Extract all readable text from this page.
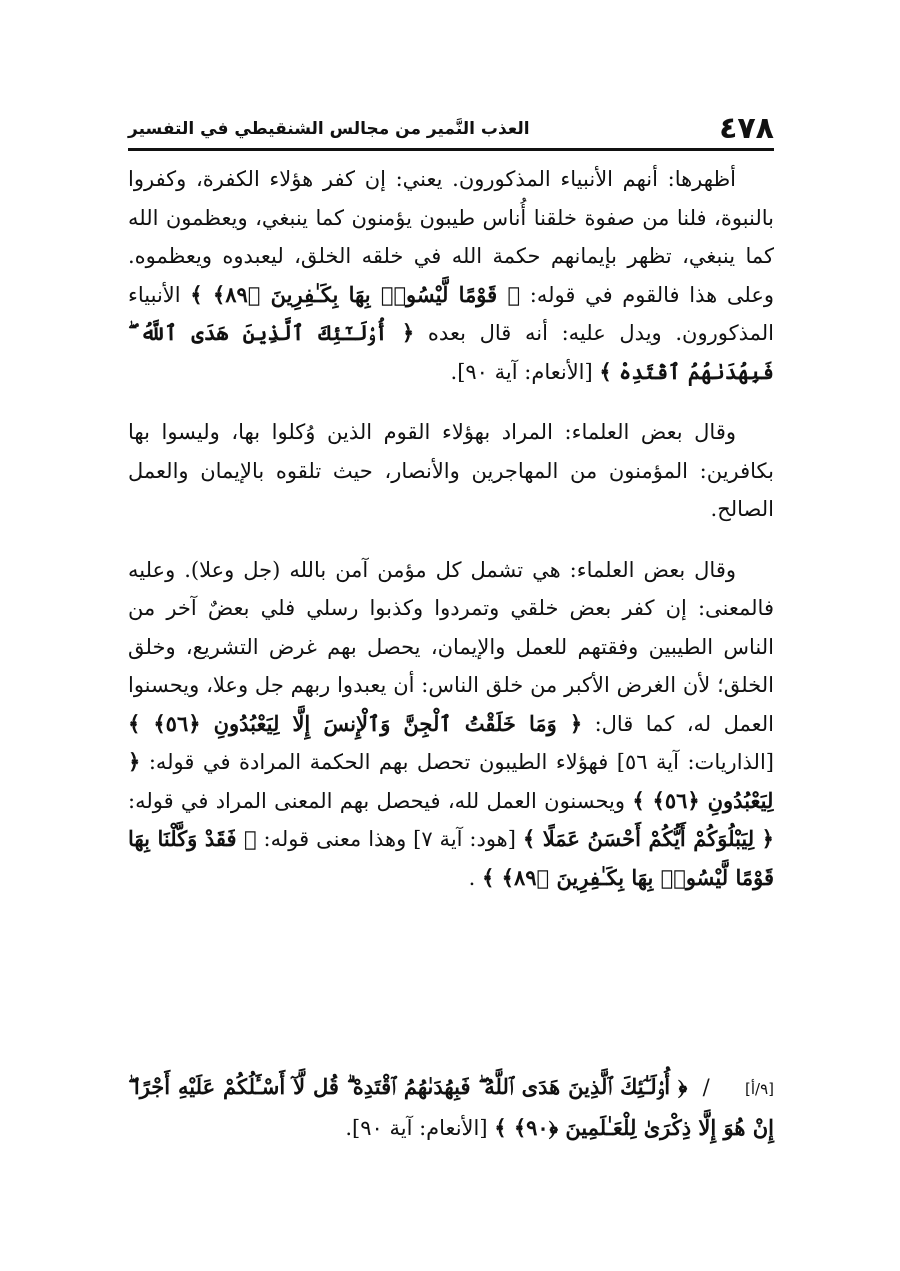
٤٧٨
العذب النَّمير من مجالس الشنقيطي في التفسير

أظهرها: أنهم الأنبياء المذكورون. يعني: إن كفر هؤلاء الكفرة، وكفروا بالنبوة، فلنا من صفوة خلقنا أُناس طيبون يؤمنون كما ينبغي، ويعظمون الله كما ينبغي، تظهر بإيمانهم حكمة الله في خلقه الخلق، ليعبدوه ويعظموه. وعلى هذا فالقوم في قوله: ﴿ قَوْمًا لَّيْسُوا۟ بِهَا بِكَـٰفِرِينَ ﴿٨٩﴾ ﴾ الأنبياء المذكورون. ويدل عليه: أنه قال بعده ﴿ أُو۟لَـٰٓئِكَ ٱلَّذِينَ هَدَى ٱللَّهُ ۖ فَبِهُدَىٰهُمُ ٱقْتَدِهْ ﴾ [الأنعام: آية ٩٠].

وقال بعض العلماء: المراد بهؤلاء القوم الذين وُكلوا بها، وليسوا بها بكافرين: المؤمنون من المهاجرين والأنصار، حيث تلقوه بالإيمان والعمل الصالح.

وقال بعض العلماء: هي تشمل كل مؤمن آمن بالله (جل وعلا). وعليه فالمعنى: إن كفر بعض خلقي وتمردوا وكذبوا رسلي فلي بعضٌ آخر من الناس الطيبين وفقتهم للعمل والإيمان، يحصل بهم غرض التشريع، وخلق الخلق؛ لأن الغرض الأكبر من خلق الناس: أن يعبدوا ربهم جل وعلا، ويحسنوا العمل له، كما قال: ﴿ وَمَا خَلَقْتُ ٱلْجِنَّ وَٱلْإِنسَ إِلَّا لِيَعْبُدُونِ ﴿٥٦﴾ ﴾ [الذاريات: آية ٥٦] فهؤلاء الطيبون تحصل بهم الحكمة المرادة في قوله: ﴿ لِيَعْبُدُونِ ﴿٥٦﴾ ﴾ ويحسنون العمل لله، فيحصل بهم المعنى المراد في قوله: ﴿ لِيَبْلُوَكُمْ أَيُّكُمْ أَحْسَنُ عَمَلًا ﴾ [هود: آية ٧] وهذا معنى قوله: ﴿ فَقَدْ وَكَّلْنَا بِهَا قَوْمًا لَّيْسُوا۟ بِهَا بِكَـٰفِرِينَ ﴿٨٩﴾ ﴾ .

[٩/أ] / ﴿ أُو۟لَـٰٓئِكَ ٱلَّذِينَ هَدَى ٱللَّهُ ۖ فَبِهُدَىٰهُمُ ٱقْتَدِهْ ۗ قُل لَّآ أَسْـَٔلُكُمْ عَلَيْهِ أَجْرًا ۖ إِنْ هُوَ إِلَّا ذِكْرَىٰ لِلْعَـٰلَمِينَ ﴿٩٠﴾ ﴾ [الأنعام: آية ٩٠].
